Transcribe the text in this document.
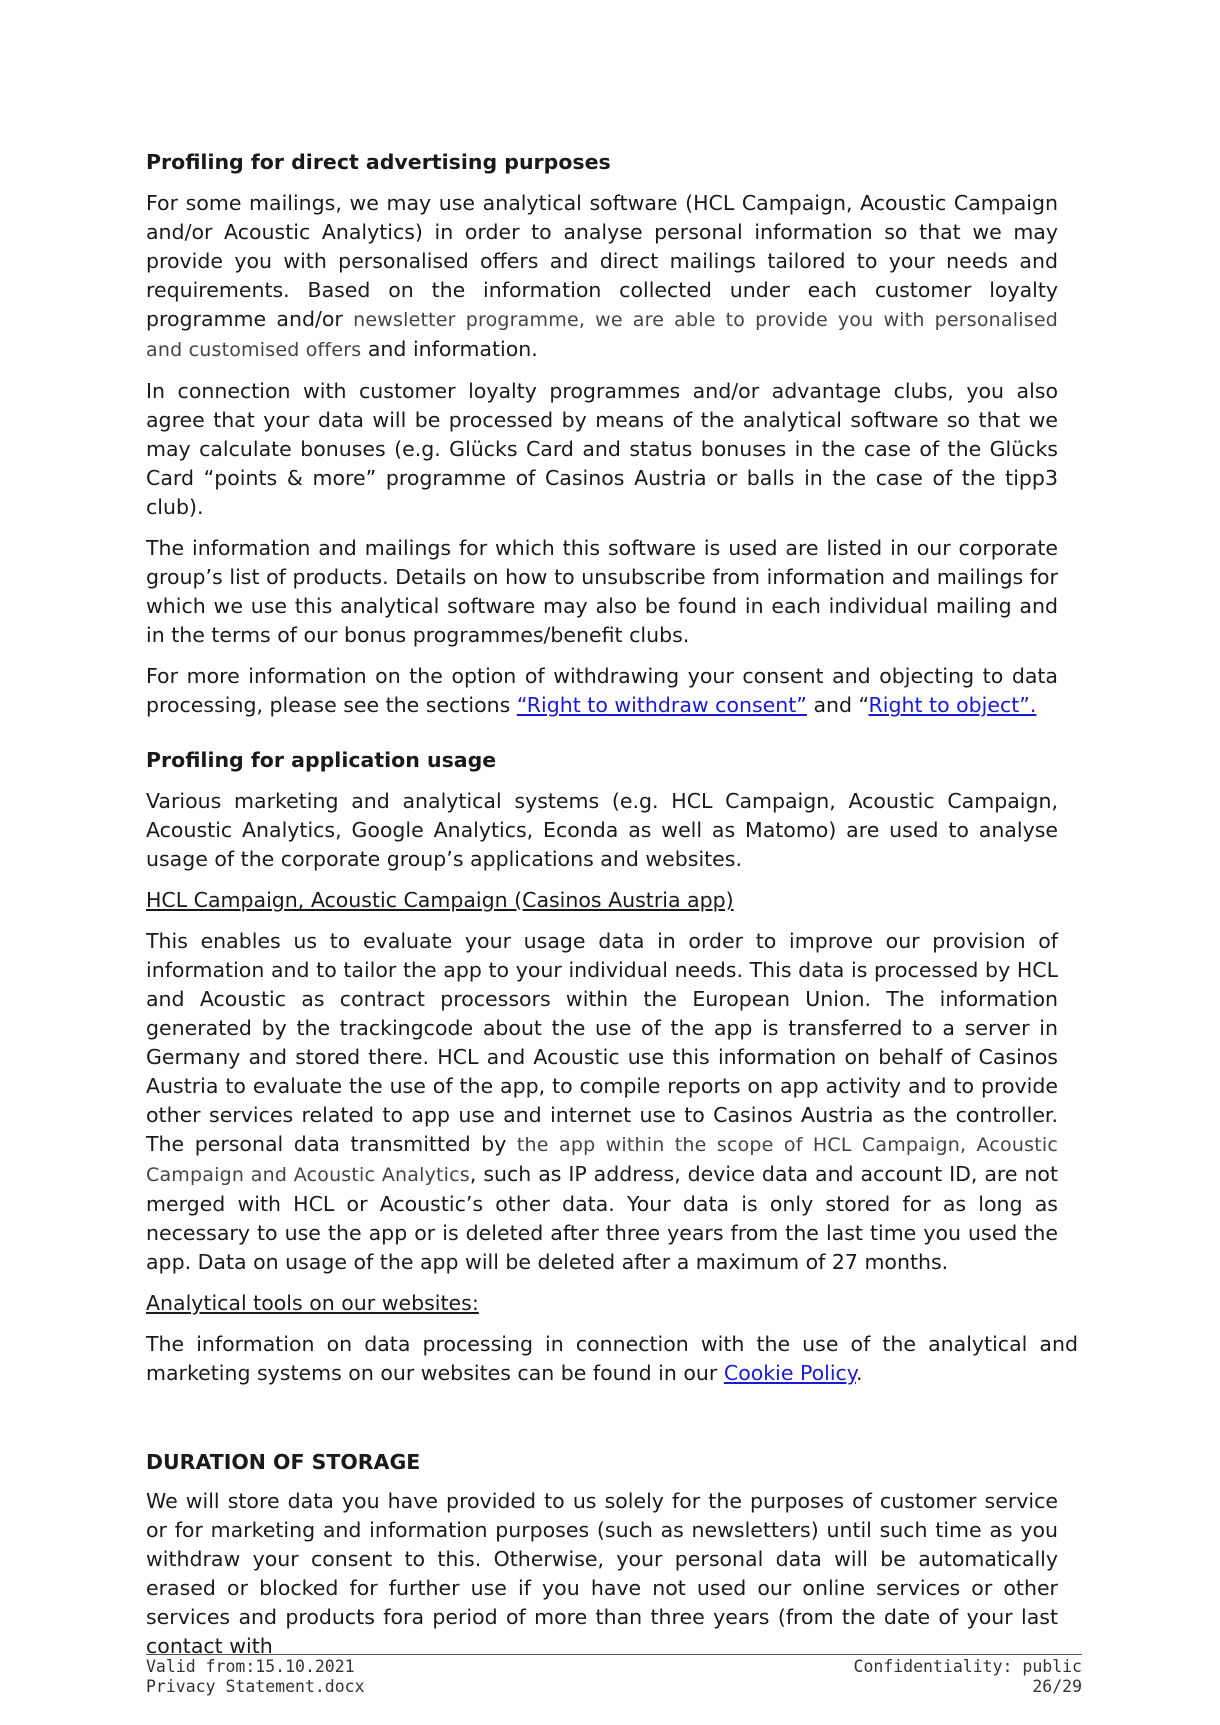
Profiling for direct advertising purposes

For some mailings, we may use analytical software (HCL Campaign, Acoustic Campaign and/or Acoustic Analytics) in order to analyse personal information so that we may provide you with personalised offers and direct mailings tailored to your needs and requirements. Based on the information collected under each customer loyalty programme and/or newsletter programme, we are able to provide you with personalised and customised offers and information.

In connection with customer loyalty programmes and/or advantage clubs, you also agree that your data will be processed by means of the analytical software so that we may calculate bonuses (e.g. Glücks Card and status bonuses in the case of the Glücks Card “points & more” programme of Casinos Austria or balls in the case of the tipp3 club).

The information and mailings for which this software is used are listed in our corporate group’s list of products. Details on how to unsubscribe from information and mailings for which we use this analytical software may also be found in each individual mailing and in the terms of our bonus programmes/benefit clubs.

For more information on the option of withdrawing your consent and objecting to data processing, please see the sections “Right to withdraw consent” and “Right to object”.

Profiling for application usage

Various marketing and analytical systems (e.g. HCL Campaign, Acoustic Campaign, Acoustic Analytics, Google Analytics, Econda as well as Matomo) are used to analyse usage of the corporate group’s applications and websites.

HCL Campaign, Acoustic Campaign (Casinos Austria app)

This enables us to evaluate your usage data in order to improve our provision of information and to tailor the app to your individual needs. This data is processed by HCL and Acoustic as contract processors within the European Union. The information generated by the trackingcode about the use of the app is transferred to a server in Germany and stored there. HCL and Acoustic use this information on behalf of Casinos Austria to evaluate the use of the app, to compile reports on app activity and to provide other services related to app use and internet use to Casinos Austria as the controller. The personal data transmitted by the app within the scope of HCL Campaign, Acoustic Campaign and Acoustic Analytics, such as IP address, device data and account ID, are not merged with HCL or Acoustic’s other data. Your data is only stored for as long as necessary to use the app or is deleted after three years from the last time you used the app. Data on usage of the app will be deleted after a maximum of 27 months.

Analytical tools on our websites:

The information on data processing in connection with the use of the analytical and marketing systems on our websites can be found in our Cookie Policy.

DURATION OF STORAGE

We will store data you have provided to us solely for the purposes of customer service or for marketing and information purposes (such as newsletters) until such time as you withdraw your consent to this. Otherwise, your personal data will be automatically erased or blocked for further use if you have not used our online services or other services and products fora period of more than three years (from the date of your last contact with

Valid from:15.10.2021	Confidentiality: public
Privacy Statement.docx	26/29
